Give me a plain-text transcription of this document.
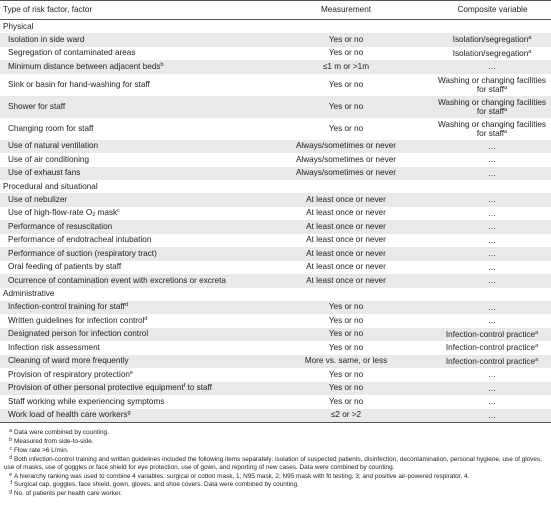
Type of risk factor, factor	Measurement	Composite variable
Physical		
Isolation in side ward	Yes or no	Isolation/segregation$^a$
Segregation of contaminated areas	Yes or no	Isolation/segregation$^a$
Minimum distance between adjacent beds$^b$	≤1 m or >1m	…
Sink or basin for hand-washing for staff	Yes or no	Washing or changing facilities for staff$^a$
Shower for staff	Yes or no	Washing or changing facilities for staff$^a$
Changing room for staff	Yes or no	Washing or changing facilities for staff$^a$
Use of natural ventilation	Always/sometimes or never	…
Use of air conditioning	Always/sometimes or never	…
Use of exhaust fans	Always/sometimes or never	…
Procedural and situational		
Use of nebulizer	At least once or never	…
Use of high-flow-rate $O_2$ mask$^c$	At least once or never	…
Performance of resuscitation	At least once or never	…
Performance of endotracheal intubation	At least once or never	…
Performance of suction (respiratory tract)	At least once or never	…
Oral feeding of patients by staff	At least once or never	…
Ocurrence of contamination event with excretions or excreta	At least once or never	…
Administrative		
Infection-control training for staff$^d$	Yes or no	…
Written guidelines for infection control$^d$	Yes or no	…
Designated person for infection control	Yes or no	Infection-control practice$^a$
Infection risk assessment	Yes or no	Infection-control practice$^a$
Cleaning of ward more frequently	More vs. same, or less	Infection-control practice$^a$
Provision of respiratory protection$^e$	Yes or no	…
Provision of other personal protective equipment$^f$ to staff	Yes or no	…
Staff working while experiencing symptoms	Yes or no	…
Work load of health care workers$^g$	≤2 or >2	…

a Data were combined by counting.

b Measured from side-to-side.

c Flow rate >6 L/min.

d Both infection-control training and written guidelines included the following items separately: isolation of suspected patients, disinfection, decontamination, personal hygiene, use of gloves, use of masks, use of goggles or face shield for eye protection, use of gown, and reporting of new cases. Data were combined by counting.

e A hierarchy ranking was used to combine 4 variables: surgical or cotton mask, 1; N95 mask, 2; N95 mask with fit testing, 3; and positive air-powered respirator, 4.

f Surgical cap, goggles, face shield, gown, gloves, and shoe covers. Data were combined by counting.

g No. of patients per health care worker.
